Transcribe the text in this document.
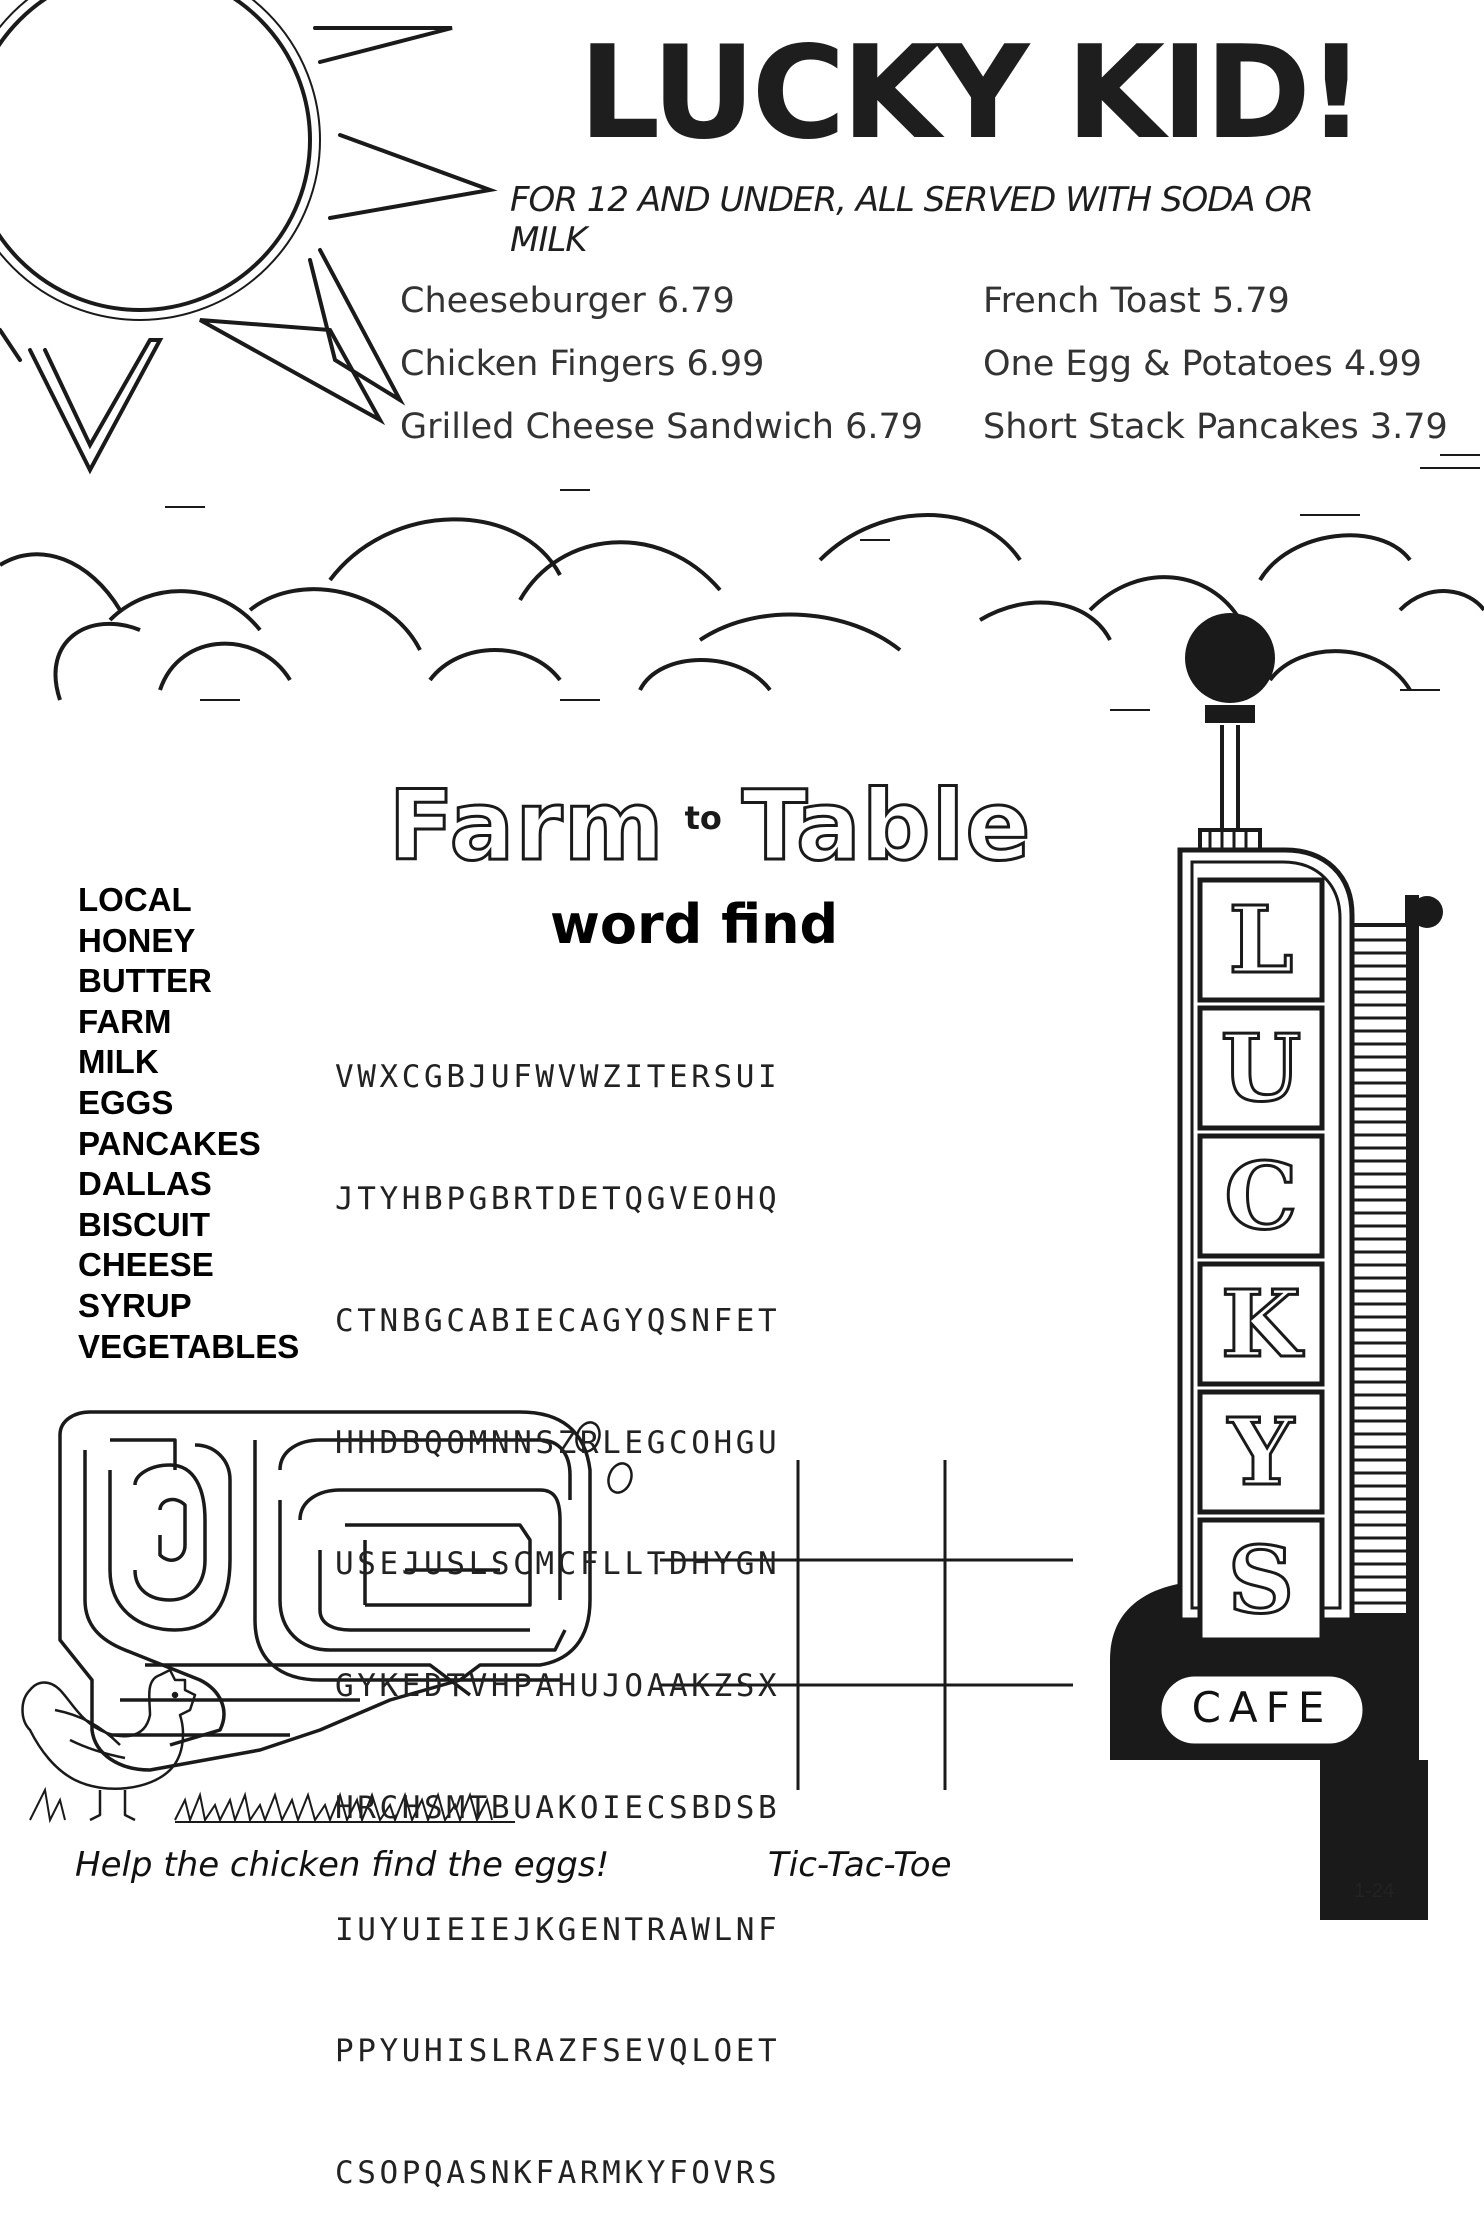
LUCKY KID!
FOR 12 AND UNDER, ALL SERVED WITH SODA OR MILK
Cheeseburger 6.79
Chicken Fingers 6.99
Grilled Cheese Sandwich 6.79
French Toast 5.79
One Egg & Potatoes 4.99
Short Stack Pancakes 3.79
Farm to Table
word find
LOCAL
HONEY
BUTTER
FARM
MILK
EGGS
PANCAKES
DALLAS
BISCUIT
CHEESE
SYRUP
VEGETABLES

VWXCGBJUFWVWZITERSUI

JTYHBPGBRTDETQGVEOHQ

CTNBGCABIECAGYQSNFET

HHDBQOMNNSZRLEGCOHGU

USEJUSLSCMCFLLTDHYGN

GYKEDTVHPAHUJOAAKZSX

HRCHSMTBUAKOIECSBDSB

IUYUIEIEJKGENTRAWLNF

PPYUHISLRAZFSEVQLOET

CSOPQASNKFARMKYFOVRS

Help the chicken find the eggs!	Tic-Tac-Toe
1-24
L
U
C
K
Y
S
CAFE
